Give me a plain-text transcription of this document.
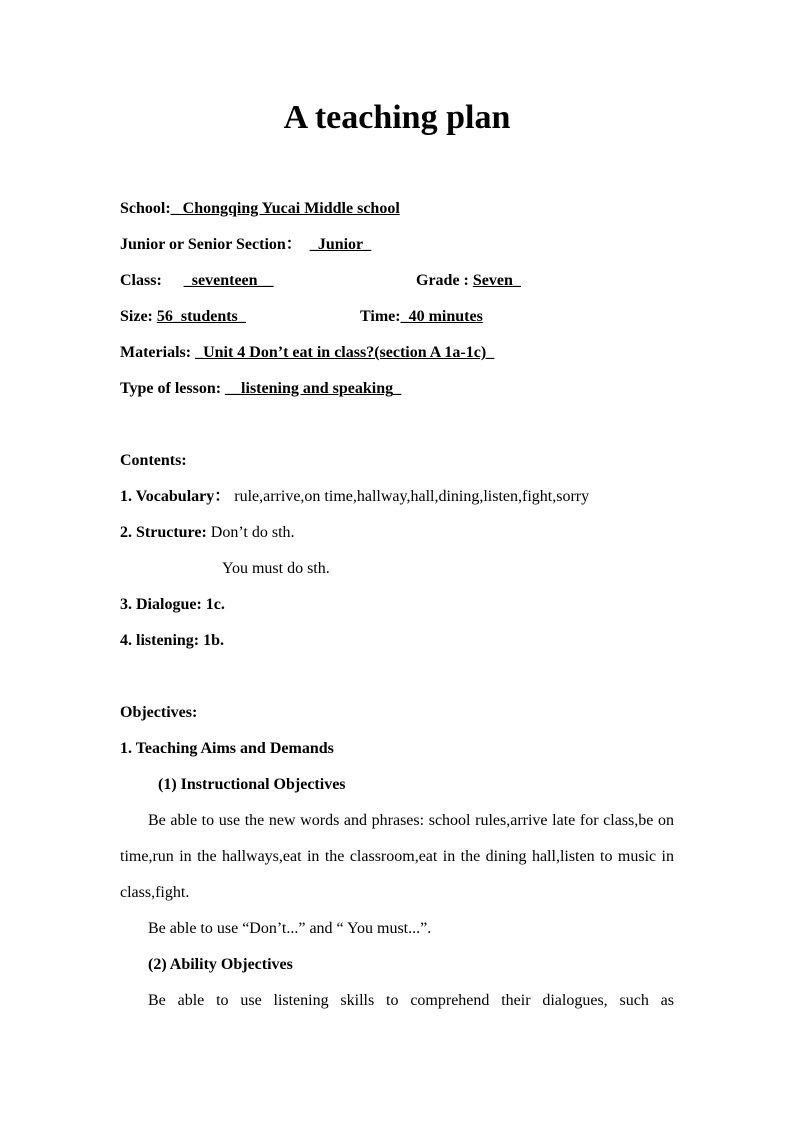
A teaching plan
School:_ Chongqing Yucai Middle school
Junior or Senior Section： _Junior_
Class: _seventeen__	Grade : Seven_
Size: 56_students_	Time:_40 minutes
Materials: _Unit 4 Don’t eat in class?(section A 1a-1c)_
Type of lesson: __listening and speaking_
Contents:
1. Vocabulary： rule,arrive,on time,hallway,hall,dining,listen,fight,sorry
2. Structure: Don’t do sth.
You must do sth.
3. Dialogue: 1c.
4. listening: 1b.
Objectives:
1. Teaching Aims and Demands
(1) Instructional Objectives
Be able to use the new words and phrases: school rules,arrive late for class,be on time,run in the hallways,eat in the classroom,eat in the dining hall,listen to music in class,fight.
Be able to use “Don’t...” and “ You must...”.
(2) Ability Objectives
Be able to use listening skills to comprehend their dialogues, such as
